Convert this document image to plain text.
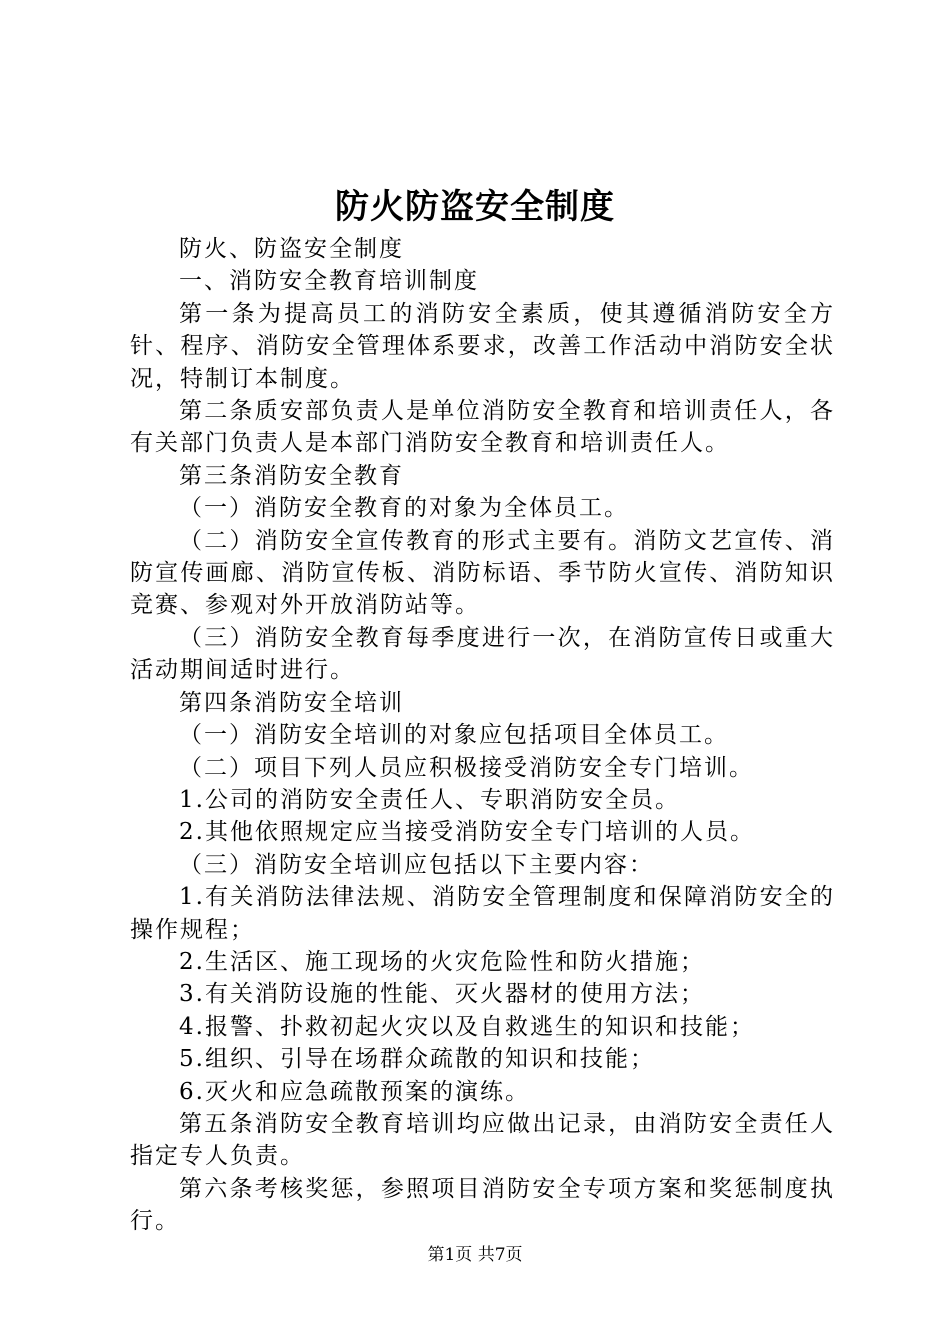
防火防盗安全制度

防火、防盗安全制度

一、消防安全教育培训制度

第一条为提高员工的消防安全素质，使其遵循消防安全方针、程序、消防安全管理体系要求，改善工作活动中消防安全状况，特制订本制度。

第二条质安部负责人是单位消防安全教育和培训责任人，各有关部门负责人是本部门消防安全教育和培训责任人。

第三条消防安全教育

（一）消防安全教育的对象为全体员工。

（二）消防安全宣传教育的形式主要有。消防文艺宣传、消防宣传画廊、消防宣传板、消防标语、季节防火宣传、消防知识竞赛、参观对外开放消防站等。

（三）消防安全教育每季度进行一次，在消防宣传日或重大活动期间适时进行。

第四条消防安全培训

（一）消防安全培训的对象应包括项目全体员工。

（二）项目下列人员应积极接受消防安全专门培训。

1.公司的消防安全责任人、专职消防安全员。

2.其他依照规定应当接受消防安全专门培训的人员。

（三）消防安全培训应包括以下主要内容：

1.有关消防法律法规、消防安全管理制度和保障消防安全的操作规程；

2.生活区、施工现场的火灾危险性和防火措施；

3.有关消防设施的性能、灭火器材的使用方法；

4.报警、扑救初起火灾以及自救逃生的知识和技能；

5.组织、引导在场群众疏散的知识和技能；

6.灭火和应急疏散预案的演练。

第五条消防安全教育培训均应做出记录，由消防安全责任人指定专人负责。

第六条考核奖惩，参照项目消防安全专项方案和奖惩制度执行。

第1页 共7页
